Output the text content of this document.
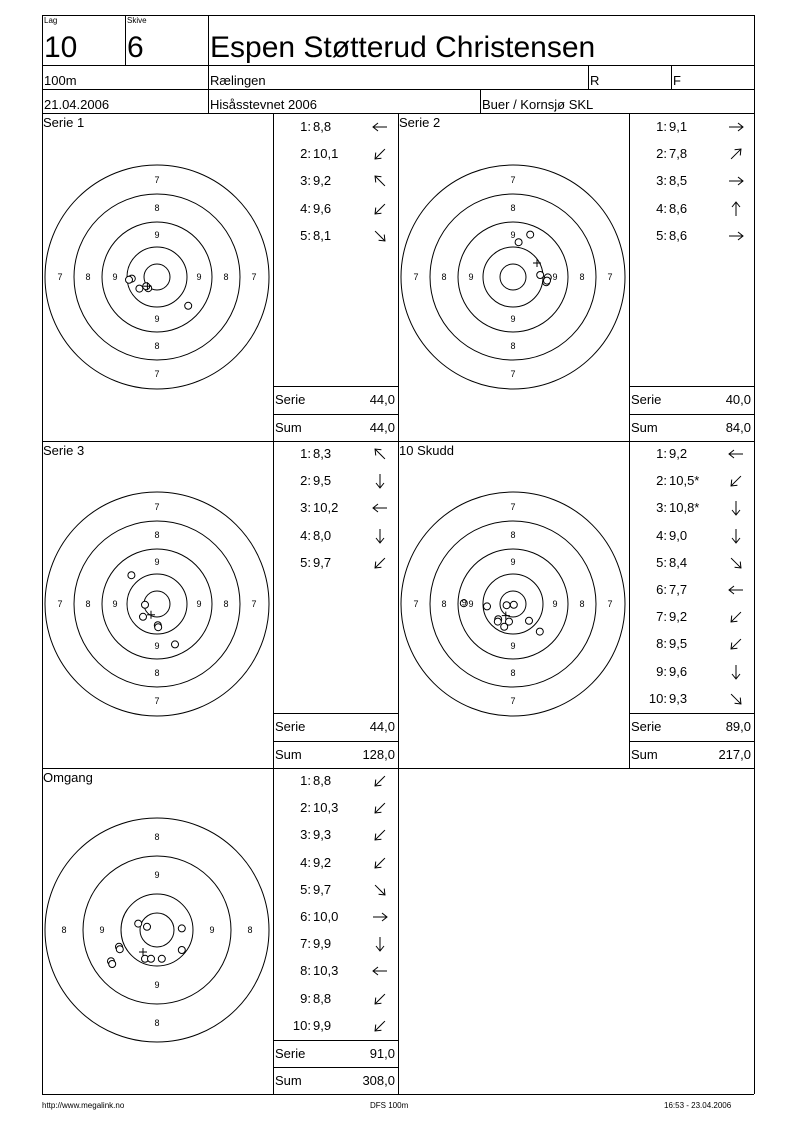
Lag
10
Skive
6 Espen Støtterud Christensen
100m	Rælingen	R	F
21.04.2006	Hisåsstevnet 2006	Buer / Kornsjø SKL
Serie 1
7
7
7	7
8
8
8	8
9
9
9	9
1: 8,8
2: 10,1
3: 9,2
4: 9,6
5: 8,1
Serie	44,0
Sum	44,0
Serie 2
7
7
7	7
8
8
8	8
9
9
9	9
1: 9,1
2: 7,8
3: 8,5
4: 8,6
5: 8,6
Serie	40,0
Sum	84,0
Serie 3
7
7
7	7
8
8
8	8
9
9
9	9
1: 8,3
2: 9,5
3: 10,2
4: 8,0
5: 9,7
Serie	44,0
Sum	128,0
10 Skudd
7
7
7	7
8
8
8	8
9
9
9	9
9
1: 9,2
2: 10,5*
3: 10,8*
4: 9,0
5: 8,4
6: 7,7
7: 9,2
8: 9,5
9: 9,6
10: 9,3
Serie	89,0
Sum	217,0
Omgang
8
8
8	8
9
9
9	9
1: 8,8
2: 10,3
3: 9,3
4: 9,2
5: 9,7
6: 10,0
7: 9,9
8: 10,3
9: 8,8
10: 9,9
Serie	91,0
Sum	308,0
http://www.megalink.no	DFS 100m	16:53 - 23.04.2006
